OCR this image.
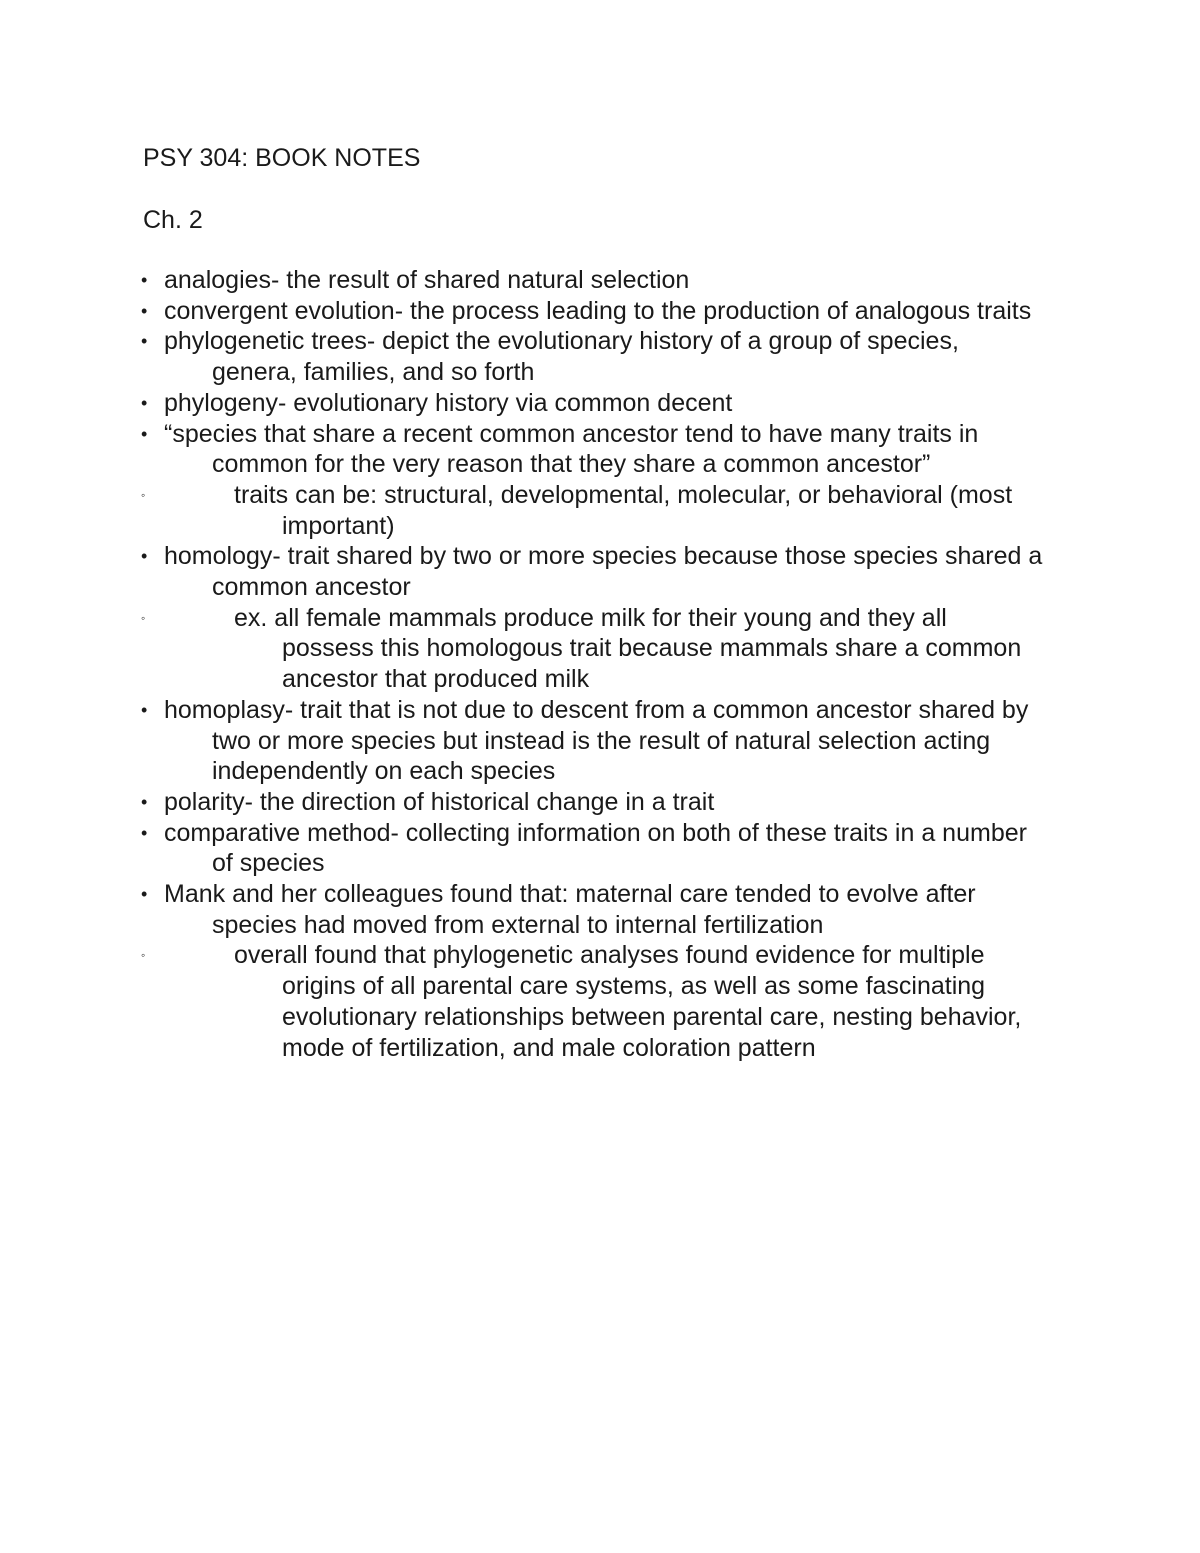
PSY 304: BOOK NOTES
Ch. 2
• analogies- the result of shared natural selection
• convergent evolution- the process leading to the production of analogous traits
• phylogenetic trees- depict the evolutionary history of a group of species,
genera, families, and so forth
• phylogeny- evolutionary history via common decent
• “species that share a recent common ancestor tend to have many traits in
common for the very reason that they share a common ancestor”
◦	traits can be: structural, developmental, molecular, or behavioral (most
important)
• homology- trait shared by two or more species because those species shared a
common ancestor
◦	ex. all female mammals produce milk for their young and they all
possess this homologous trait because mammals share a common
ancestor that produced milk
• homoplasy- trait that is not due to descent from a common ancestor shared by
two or more species but instead is the result of natural selection acting
independently on each species
• polarity- the direction of historical change in a trait
• comparative method- collecting information on both of these traits in a number
of species
• Mank and her colleagues found that: maternal care tended to evolve after
species had moved from external to internal fertilization
◦	overall found that phylogenetic analyses found evidence for multiple
origins of all parental care systems, as well as some fascinating
evolutionary relationships between parental care, nesting behavior,
mode of fertilization, and male coloration pattern
